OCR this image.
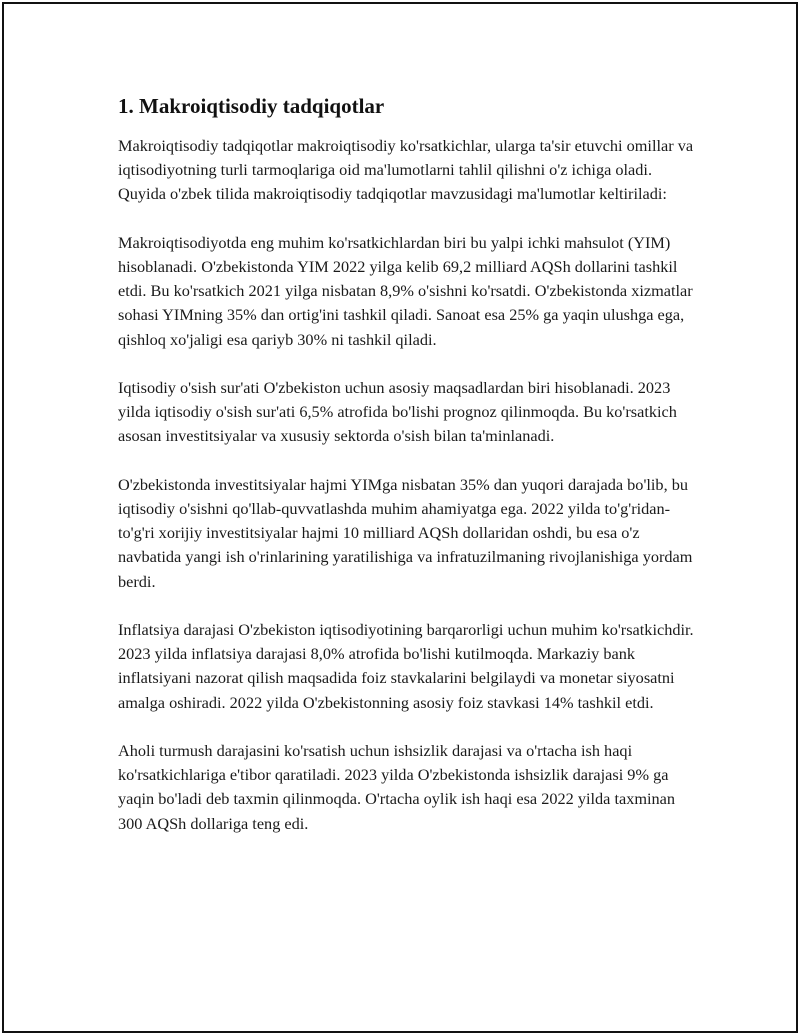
1. Makroiqtisodiy tadqiqotlar

Makroiqtisodiy tadqiqotlar makroiqtisodiy ko'rsatkichlar, ularga ta'sir etuvchi omillar va iqtisodiyotning turli tarmoqlariga oid ma'lumotlarni tahlil qilishni o'z ichiga oladi. Quyida o'zbek tilida makroiqtisodiy tadqiqotlar mavzusidagi ma'lumotlar keltiriladi:

Makroiqtisodiyotda eng muhim ko'rsatkichlardan biri bu yalpi ichki mahsulot (YIM) hisoblanadi. O'zbekistonda YIM 2022 yilga kelib 69,2 milliard AQSh dollarini tashkil etdi. Bu ko'rsatkich 2021 yilga nisbatan 8,9% o'sishni ko'rsatdi. O'zbekistonda xizmatlar sohasi YIMning 35% dan ortig'ini tashkil qiladi. Sanoat esa 25% ga yaqin ulushga ega, qishloq xo'jaligi esa qariyb 30% ni tashkil qiladi.

Iqtisodiy o'sish sur'ati O'zbekiston uchun asosiy maqsadlardan biri hisoblanadi. 2023 yilda iqtisodiy o'sish sur'ati 6,5% atrofida bo'lishi prognoz qilinmoqda. Bu ko'rsatkich asosan investitsiyalar va xususiy sektorda o'sish bilan ta'minlanadi.

O'zbekistonda investitsiyalar hajmi YIMga nisbatan 35% dan yuqori darajada bo'lib, bu iqtisodiy o'sishni qo'llab-quvvatlashda muhim ahamiyatga ega. 2022 yilda to'g'ridan-to'g'ri xorijiy investitsiyalar hajmi 10 milliard AQSh dollaridan oshdi, bu esa o'z navbatida yangi ish o'rinlarining yaratilishiga va infratuzilmaning rivojlanishiga yordam berdi.

Inflatsiya darajasi O'zbekiston iqtisodiyotining barqarorligi uchun muhim ko'rsatkichdir. 2023 yilda inflatsiya darajasi 8,0% atrofida bo'lishi kutilmoqda. Markaziy bank inflatsiyani nazorat qilish maqsadida foiz stavkalarini belgilaydi va monetar siyosatni amalga oshiradi. 2022 yilda O'zbekistonning asosiy foiz stavkasi 14% tashkil etdi.

Aholi turmush darajasini ko'rsatish uchun ishsizlik darajasi va o'rtacha ish haqi ko'rsatkichlariga e'tibor qaratiladi. 2023 yilda O'zbekistonda ishsizlik darajasi 9% ga yaqin bo'ladi deb taxmin qilinmoqda. O'rtacha oylik ish haqi esa 2022 yilda taxminan 300 AQSh dollariga teng edi.
